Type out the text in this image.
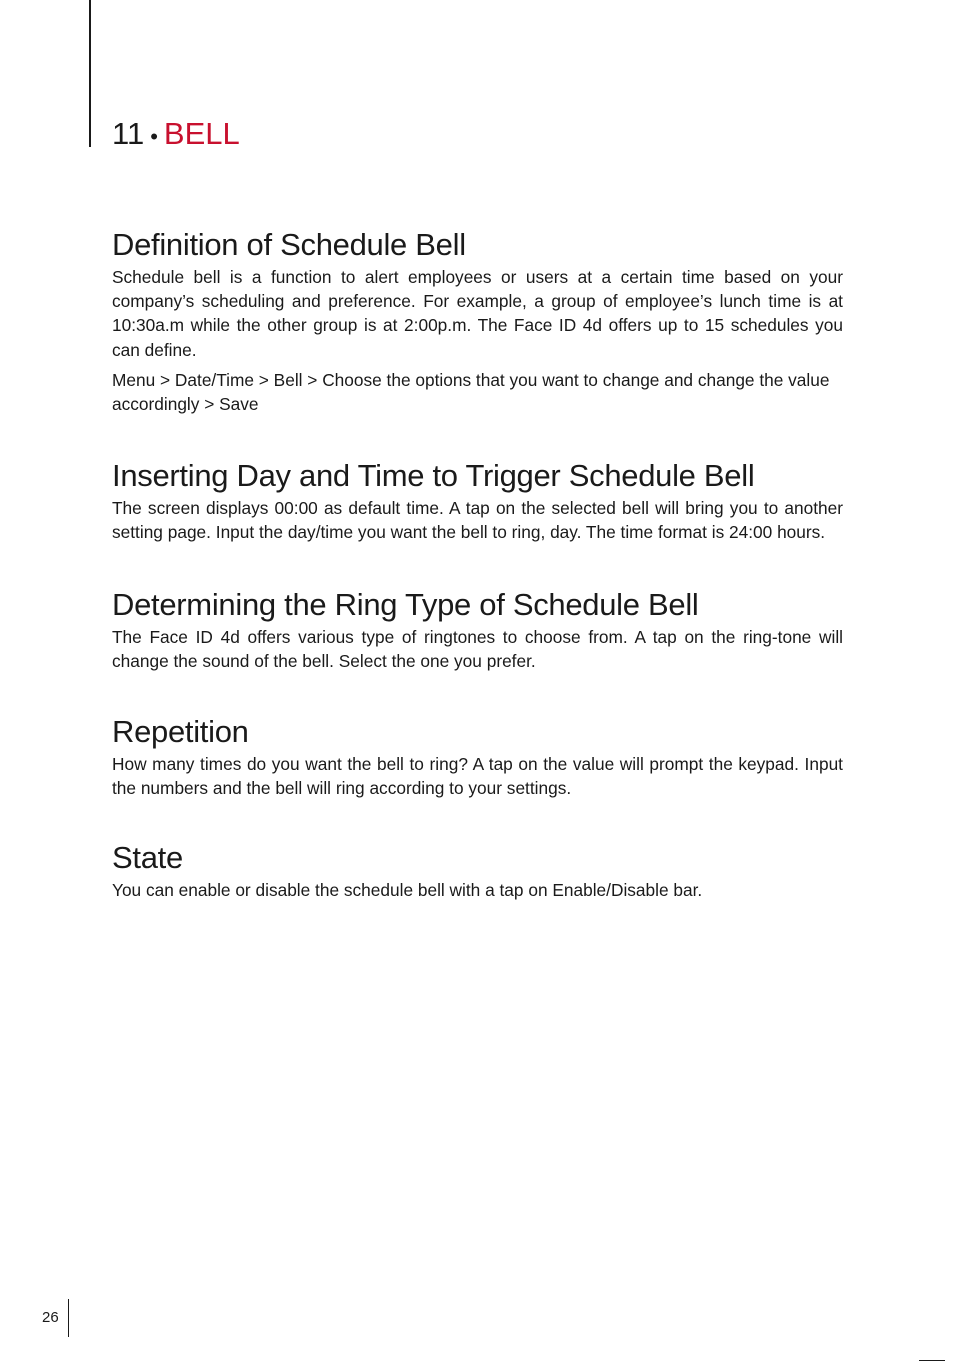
11 • BELL
Definition of Schedule Bell

Schedule bell is a function to alert employees or users at a certain time based on your company’s scheduling and preference. For example, a group of employee’s lunch time is at 10:30a.m while the other group is at 2:00p.m. The Face ID 4d offers up to 15 schedules you can define.

Menu > Date/Time > Bell > Choose the options that you want to change and change the value accordingly > Save

Inserting Day and Time to Trigger Schedule Bell

The screen displays 00:00 as default time. A tap on the selected bell will bring you to another setting page. Input the day/time you want the bell to ring, day. The time format is 24:00 hours.

Determining the Ring Type of Schedule Bell

The Face ID 4d offers various type of ringtones to choose from. A tap on the ring-tone will change the sound of the bell. Select the one you prefer.

Repetition

How many times do you want the bell to ring? A tap on the value will prompt the keypad. Input the numbers and the bell will ring according to your settings.

State

You can enable or disable the schedule bell with a tap on Enable/Disable bar.

26
